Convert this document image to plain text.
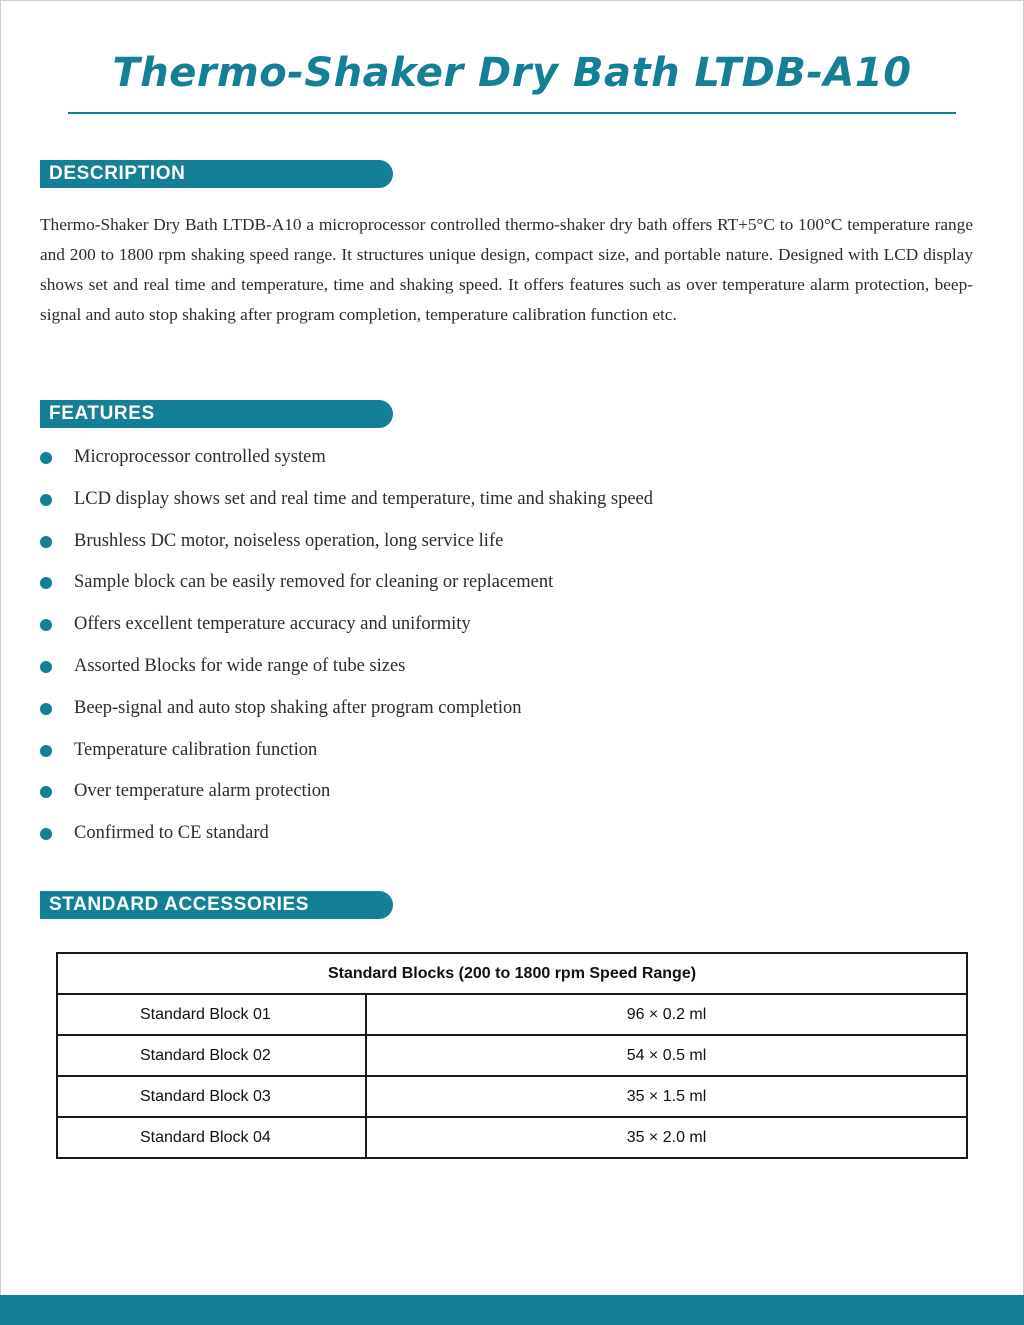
Thermo-Shaker Dry Bath LTDB-A10
DESCRIPTION

Thermo-Shaker Dry Bath LTDB-A10 a microprocessor controlled thermo-shaker dry bath offers RT+5°C to 100°C temperature range and 200 to 1800 rpm shaking speed range. It structures unique design, compact size, and portable nature. Designed with LCD display shows set and real time and temperature, time and shaking speed. It offers features such as over temperature alarm protection, beep-signal and auto stop shaking after program completion, temperature calibration function etc.

FEATURES
Microprocessor controlled system
LCD display shows set and real time and temperature, time and shaking speed
Brushless DC motor, noiseless operation, long service life
Sample block can be easily removed for cleaning or replacement
Offers excellent temperature accuracy and uniformity
Assorted Blocks for wide range of tube sizes
Beep-signal and auto stop shaking after program completion
Temperature calibration function
Over temperature alarm protection
Confirmed to CE standard
STANDARD ACCESSORIES
Standard Blocks (200 to 1800 rpm Speed Range)	
Standard Block 01	96 × 0.2 ml
Standard Block 02	54 × 0.5 ml
Standard Block 03	35 × 1.5 ml
Standard Block 04	35 × 2.0 ml
